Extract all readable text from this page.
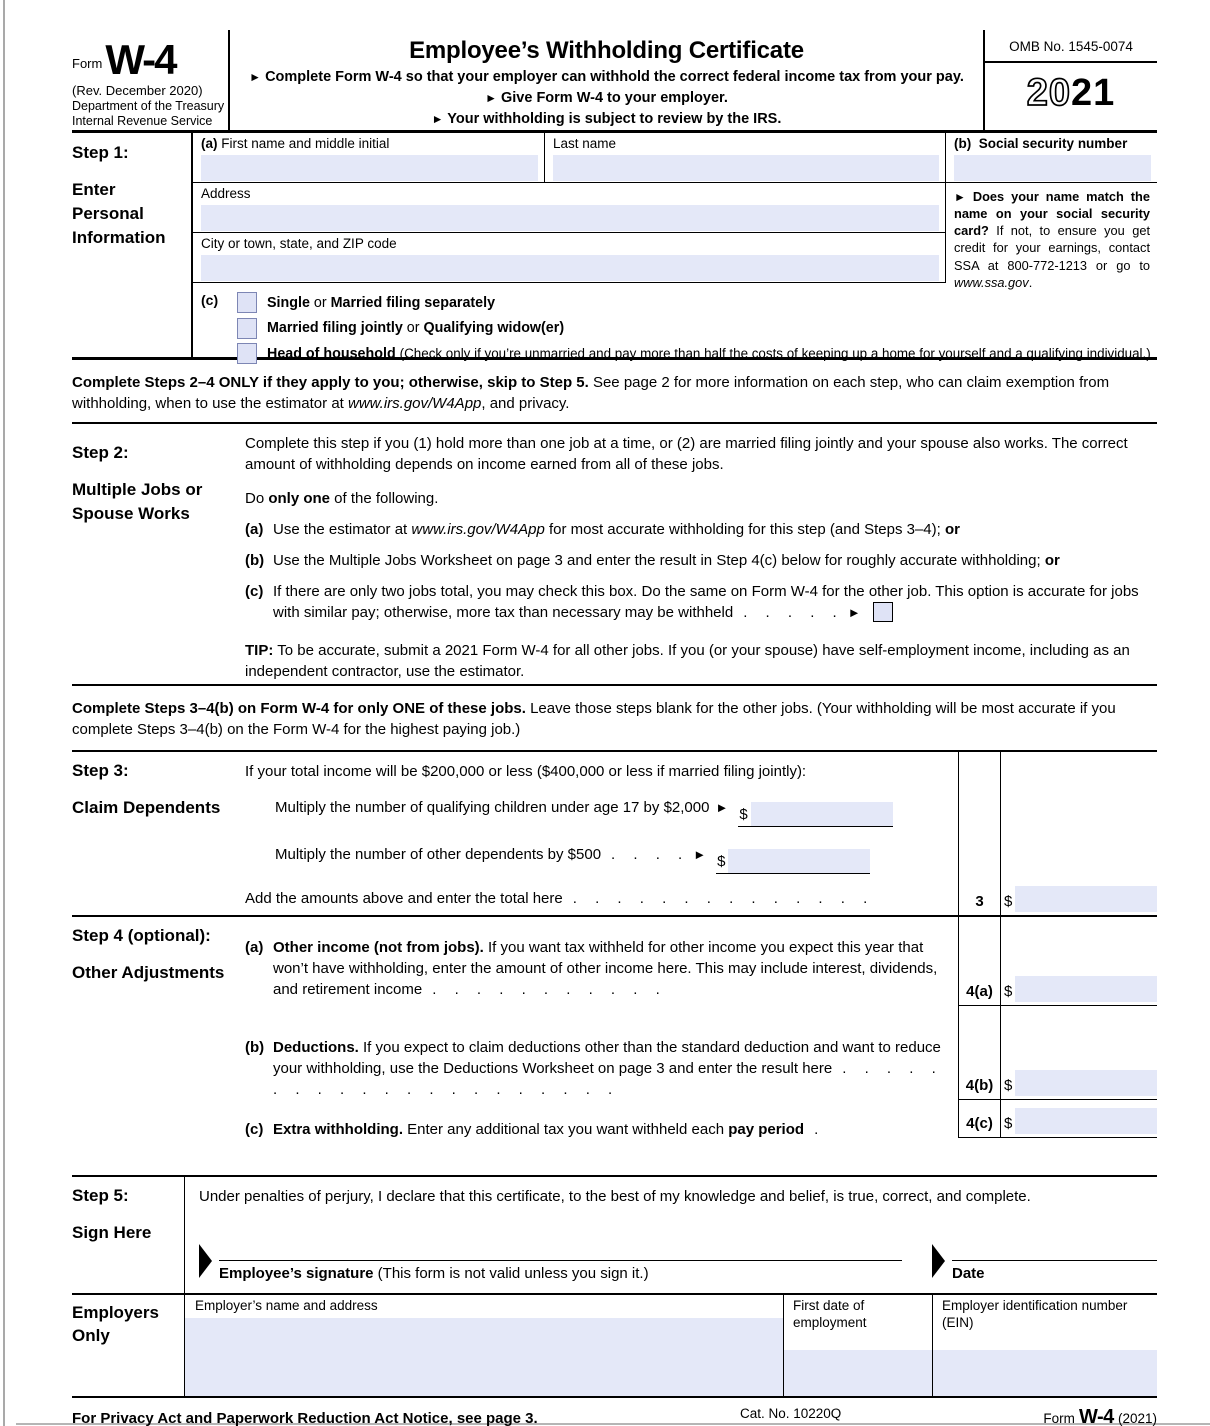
Form W-4
(Rev. December 2020)
Department of the Treasury
Internal Revenue Service
Employee’s Withholding Certificate
► Complete Form W-4 so that your employer can withhold the correct federal income tax from your pay.
► Give Form W-4 to your employer.
► Your withholding is subject to review by the IRS.
OMB No. 1545-0074
2021
Step 1:
Enter Personal Information
(a) First name and middle initial	Last name
Address
City or town, state, and ZIP code
(b) Social security number
► Does your name match the name on your social security card? If not, to ensure you get credit for your earnings, contact SSA at 800-772-1213 or go to www.ssa.gov.
(c)	Single or Married filing separately
Married filing jointly or Qualifying widow(er)
Head of household (Check only if you’re unmarried and pay more than half the costs of keeping up a home for yourself and a qualifying individual.)
Complete Steps 2–4 ONLY if they apply to you; otherwise, skip to Step 5. See page 2 for more information on each step, who can claim exemption from withholding, when to use the estimator at www.irs.gov/W4App, and privacy.
Step 2:
Multiple Jobs or Spouse Works
Complete this step if you (1) hold more than one job at a time, or (2) are married filing jointly and your spouse also works. The correct amount of withholding depends on income earned from all of these jobs.
Do only one of the following.
(a) Use the estimator at www.irs.gov/W4App for most accurate withholding for this step (and Steps 3–4); or
(b) Use the Multiple Jobs Worksheet on page 3 and enter the result in Step 4(c) below for roughly accurate withholding; or
(c) If there are only two jobs total, you may check this box. Do the same on Form W-4 for the other job. This option is accurate for jobs with similar pay; otherwise, more tax than necessary may be withheld . . . . . ►
TIP: To be accurate, submit a 2021 Form W-4 for all other jobs. If you (or your spouse) have self-employment income, including as an independent contractor, use the estimator.
Complete Steps 3–4(b) on Form W-4 for only ONE of these jobs. Leave those steps blank for the other jobs. (Your withholding will be most accurate if you complete Steps 3–4(b) on the Form W-4 for the highest paying job.)
Step 3:
Claim Dependents
If your total income will be $200,000 or less ($400,000 or less if married filing jointly):
Multiply the number of qualifying children under age 17 by $2,000 ► $
Multiply the number of other dependents by $500 . . . . ► $
Add the amounts above and enter the total here . . . . . . . . . . . . . .	3	$
Step 4 (optional):
Other Adjustments
(a) Other income (not from jobs). If you want tax withheld for other income you expect this year that won’t have withholding, enter the amount of other income here. This may include interest, dividends, and retirement income . . . . . . . . . . .	4(a) $
(b) Deductions. If you expect to claim deductions other than the standard deduction and want to reduce your withholding, use the Deductions Worksheet on page 3 and enter the result here . . . . . . . . . . . . . . . . . . . . .	4(b) $
(c) Extra withholding. Enter any additional tax you want withheld each pay period .	4(c) $
Step 5:
Sign Here
Under penalties of perjury, I declare that this certificate, to the best of my knowledge and belief, is true, correct, and complete.
Employee’s signature (This form is not valid unless you sign it.)	Date
Employers Only
Employer’s name and address	First date of employment
Employer identification number (EIN)
For Privacy Act and Paperwork Reduction Act Notice, see page 3.	Cat. No. 10220Q	Form W-4 (2021)
